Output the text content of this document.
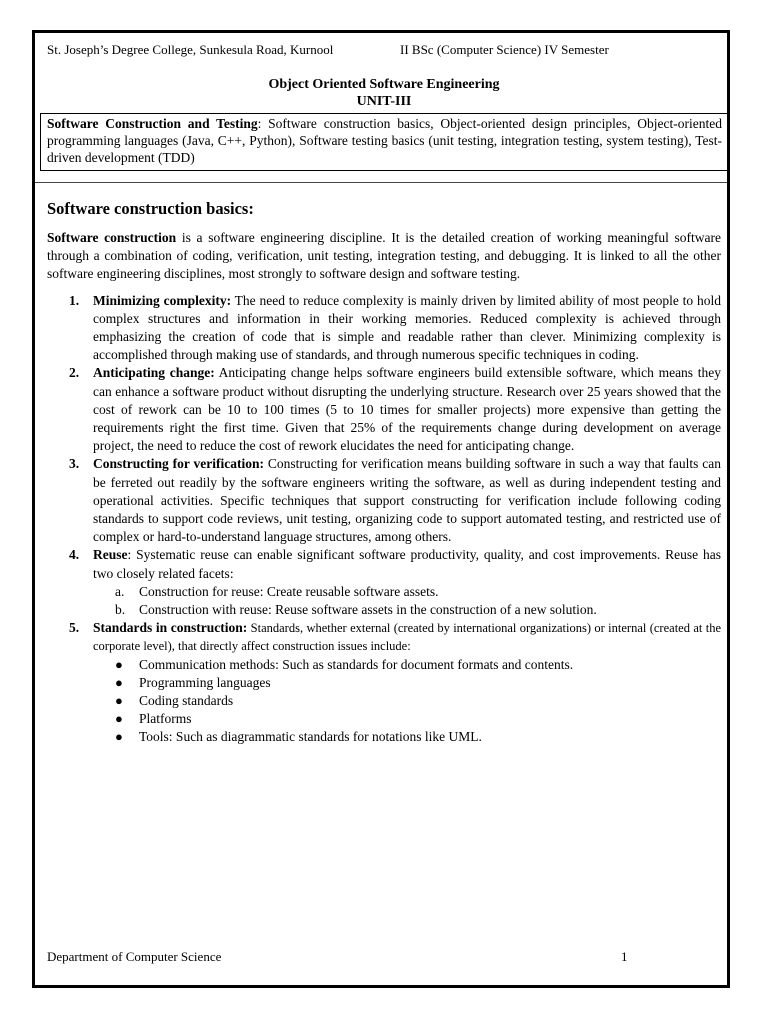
St. Joseph’s Degree College, Sunkesula Road, Kurnool	II BSc (Computer Science) IV Semester
Object Oriented Software Engineering
UNIT-III
Software Construction and Testing: Software construction basics, Object-oriented design principles, Object-oriented programming languages (Java, C++, Python), Software testing basics (unit testing, integration testing, system testing), Test-driven development (TDD)
Software construction basics:

Software construction is a software engineering discipline. It is the detailed creation of working meaningful software through a combination of coding, verification, unit testing, integration testing, and debugging. It is linked to all the other software engineering disciplines, most strongly to software design and software testing.

1. Minimizing complexity: The need to reduce complexity is mainly driven by limited ability of most people to hold complex structures and information in their working memories. Reduced complexity is achieved through emphasizing the creation of code that is simple and readable rather than clever. Minimizing complexity is accomplished through making use of standards, and through numerous specific techniques in coding.
2. Anticipating change: Anticipating change helps software engineers build extensible software, which means they can enhance a software product without disrupting the underlying structure. Research over 25 years showed that the cost of rework can be 10 to 100 times (5 to 10 times for smaller projects) more expensive than getting the requirements right the first time. Given that 25% of the requirements change during development on average project, the need to reduce the cost of rework elucidates the need for anticipating change.
3. Constructing for verification: Constructing for verification means building software in such a way that faults can be ferreted out readily by the software engineers writing the software, as well as during independent testing and operational activities. Specific techniques that support constructing for verification include following coding standards to support code reviews, unit testing, organizing code to support automated testing, and restricted use of complex or hard-to-understand language structures, among others.
4. Reuse: Systematic reuse can enable significant software productivity, quality, and cost improvements. Reuse has two closely related facets:
a. Construction for reuse: Create reusable software assets.
b. Construction with reuse: Reuse software assets in the construction of a new solution.
5. Standards in construction: Standards, whether external (created by international organizations) or internal (created at the corporate level), that directly affect construction issues include:
● Communication methods: Such as standards for document formats and contents.
● Programming languages
● Coding standards
● Platforms
● Tools: Such as diagrammatic standards for notations like UML.
Department of Computer Science	1
